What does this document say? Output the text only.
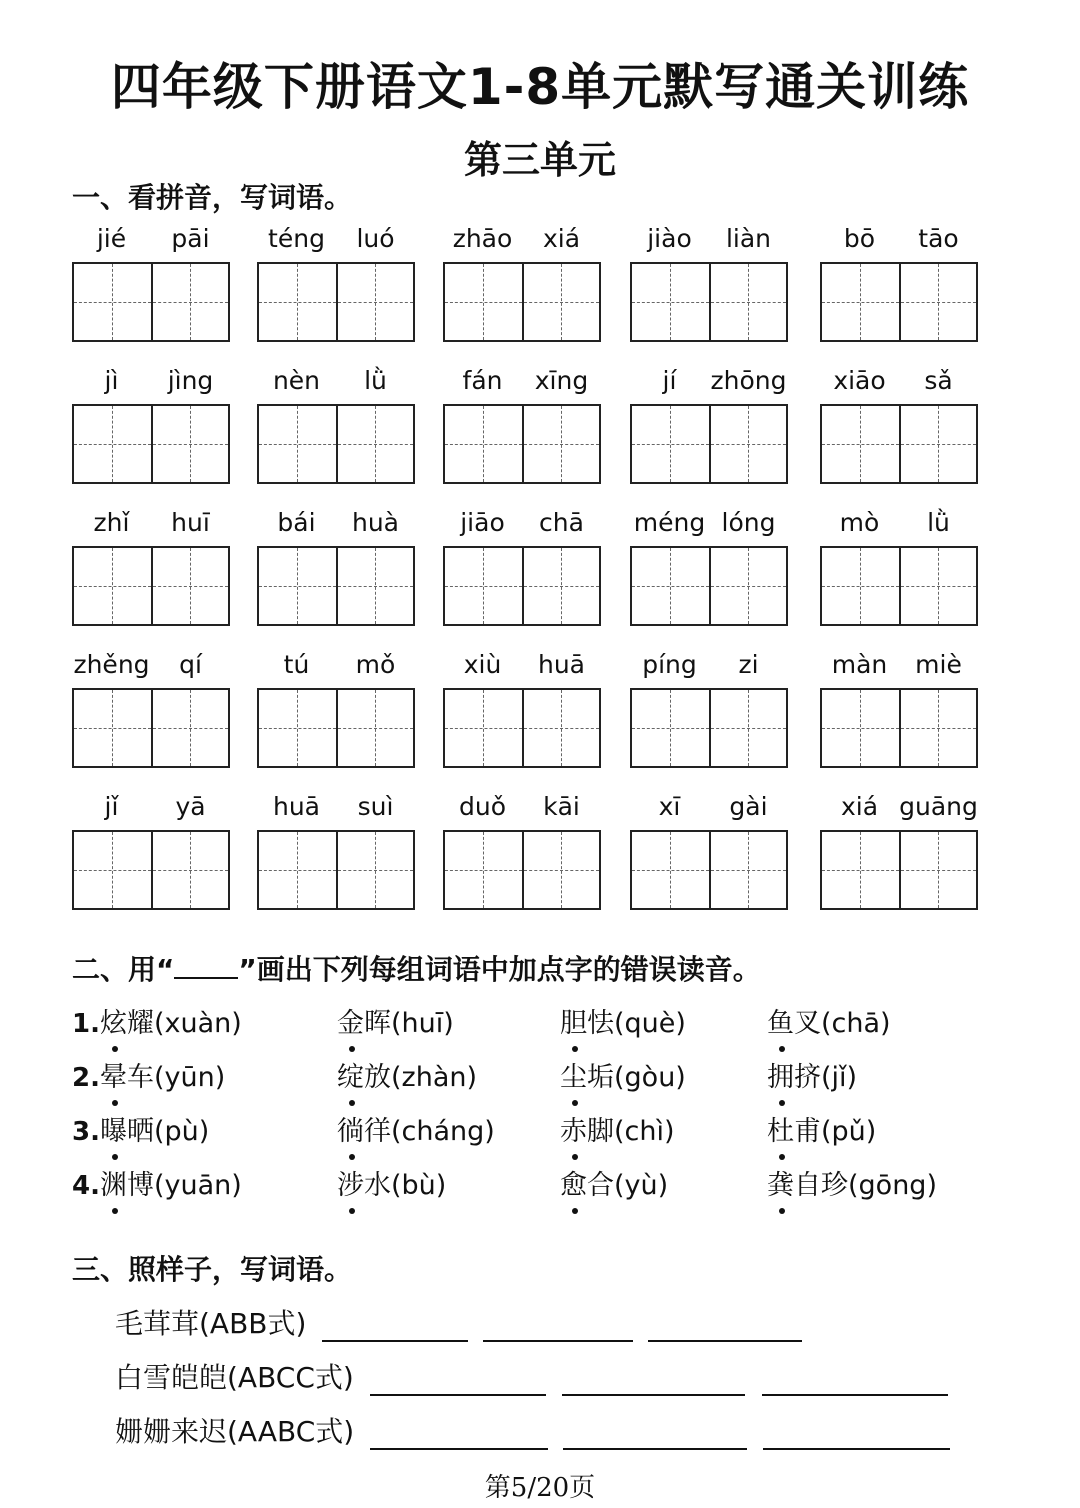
四年级下册语文1-8单元默写通关训练
第三单元
一、看拼音，写词语。
jié	pāi	téng	luó	zhāo	xiá	jiào	liàn	bō	tāo
jì	jìng	nèn	lǜ	fán	xīng	jí	zhōng	xiāo	sǎ
zhǐ	huī	bái	huà	jiāo	chā	méng lóng	mò	lǜ
zhěng	qí	tú	mǒ	xiù	huā	píng	zi	màn	miè
jǐ	yā	huā	suì	duǒ	kāi	xī	gài	xiá guāng
二、用“ ”画出下列每组词语中加点字的错误读音。
1. 炫耀(xuàn)	金晖(huī)	胆怯(què)	鱼叉(chā)
2. 晕车(yūn)	绽放(zhàn)	尘垢(gòu)	拥挤(jǐ)
3. 曝晒(pù)	徜徉(cháng) 赤脚(chì)	杜甫(pǔ)
4. 渊博(yuān)	涉水(bù)	愈合(yù)	龚自珍(gōng)
三、照样子，写词语。
毛茸茸(ABB式)
白雪皑皑(ABCC式)
姗姗来迟(AABC式)
第5/20页
